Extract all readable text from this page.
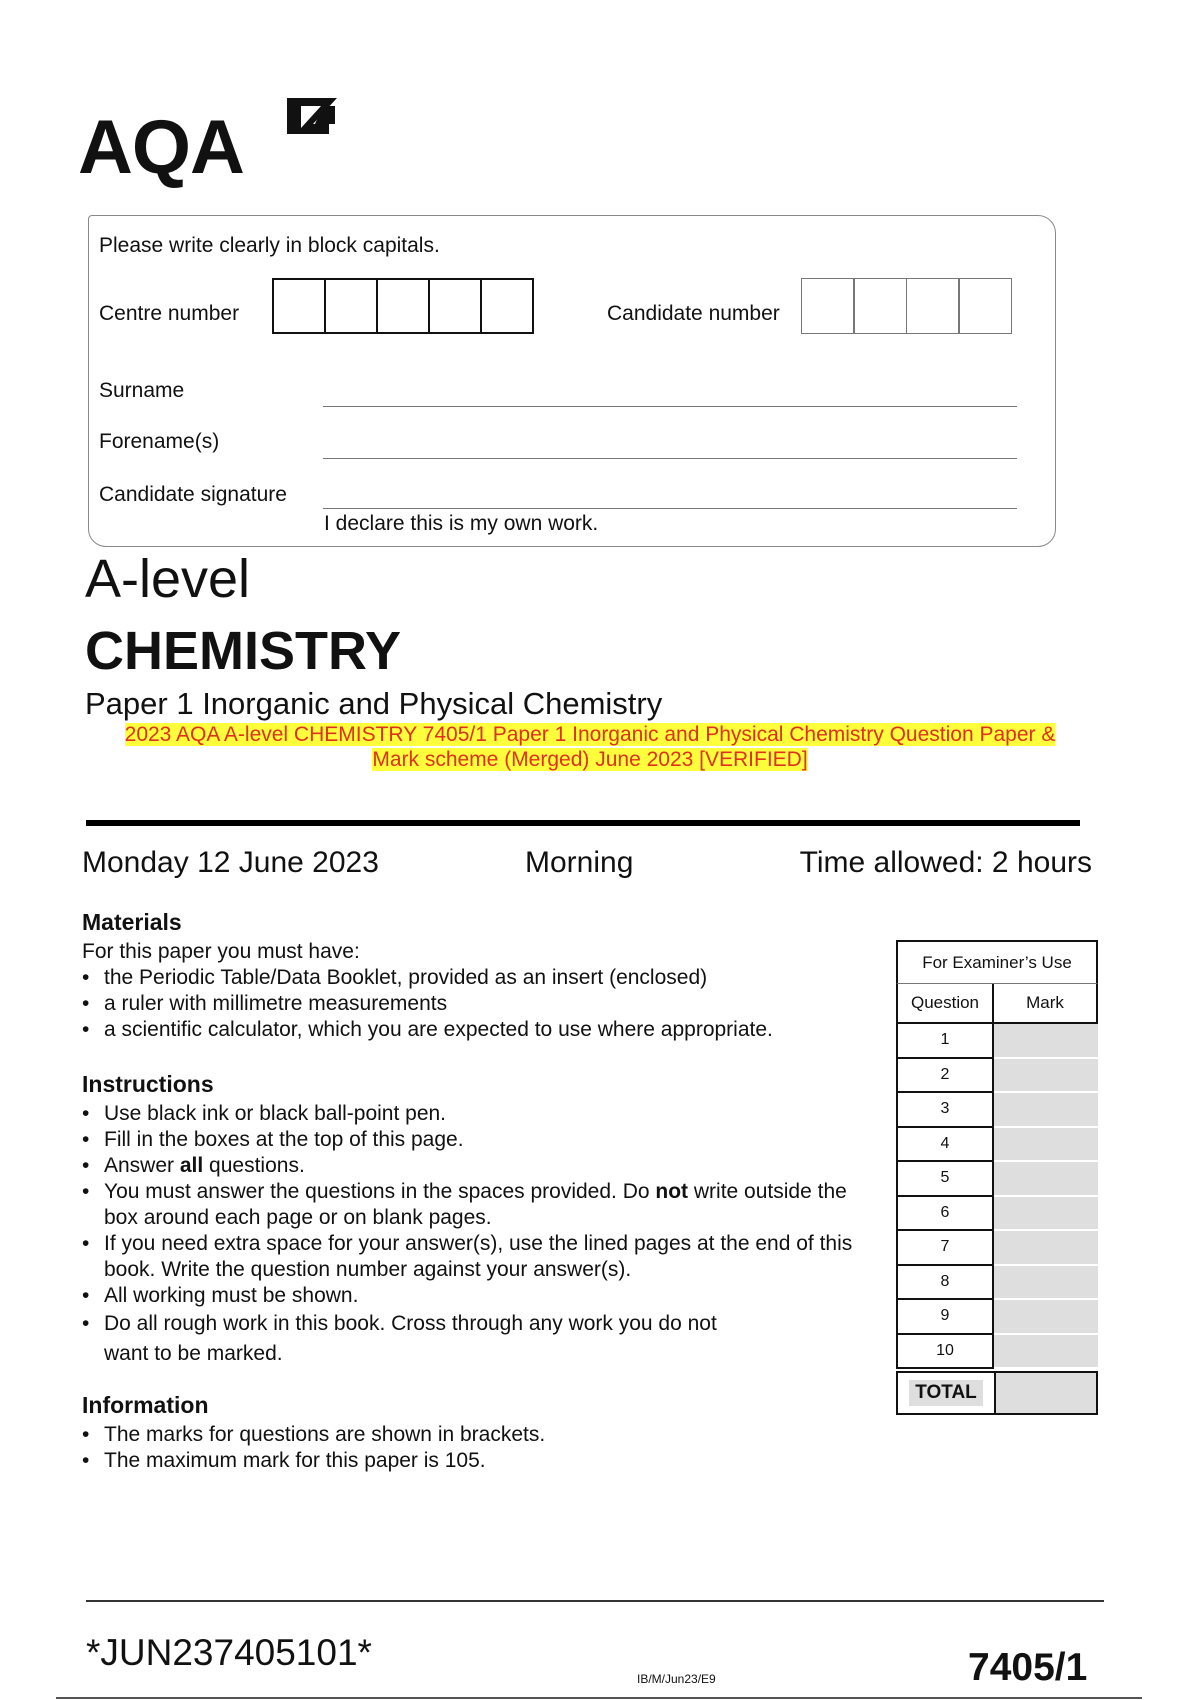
AQA
Please write clearly in block capitals.
Centre number	Candidate number
Surname
Forename(s)
Candidate signature
I declare this is my own work.
A-level
CHEMISTRY
Paper 1 Inorganic and Physical Chemistry
2023 AQA A-level CHEMISTRY 7405/1 Paper 1 Inorganic and Physical Chemistry Question Paper &
Mark scheme (Merged) June 2023 [VERIFIED]
Monday 12 June 2023	Morning	Time allowed: 2 hours
Materials
For this paper you must have:
• the Periodic Table/Data Booklet, provided as an insert (enclosed)
• a ruler with millimetre measurements
• a scientific calculator, which you are expected to use where appropriate.
Instructions
• Use black ink or black ball-point pen.
• Fill in the boxes at the top of this page.
• Answer all questions.
• You must answer the questions in the spaces provided. Do not write outside the box around each page or on blank pages.
• If you need extra space for your answer(s), use the lined pages at the end of this book. Write the question number against your answer(s).
• All working must be shown.
• Do all rough work in this book. Cross through any work you do not want to be marked.
Information
• The marks for questions are shown in brackets.
• The maximum mark for this paper is 105.
For Examiner’s Use
Question	Mark
1
2
3
4
5
6
7
8
9
10
TOTAL
*JUN237405101*
IB/M/Jun23/E9	7405/1
